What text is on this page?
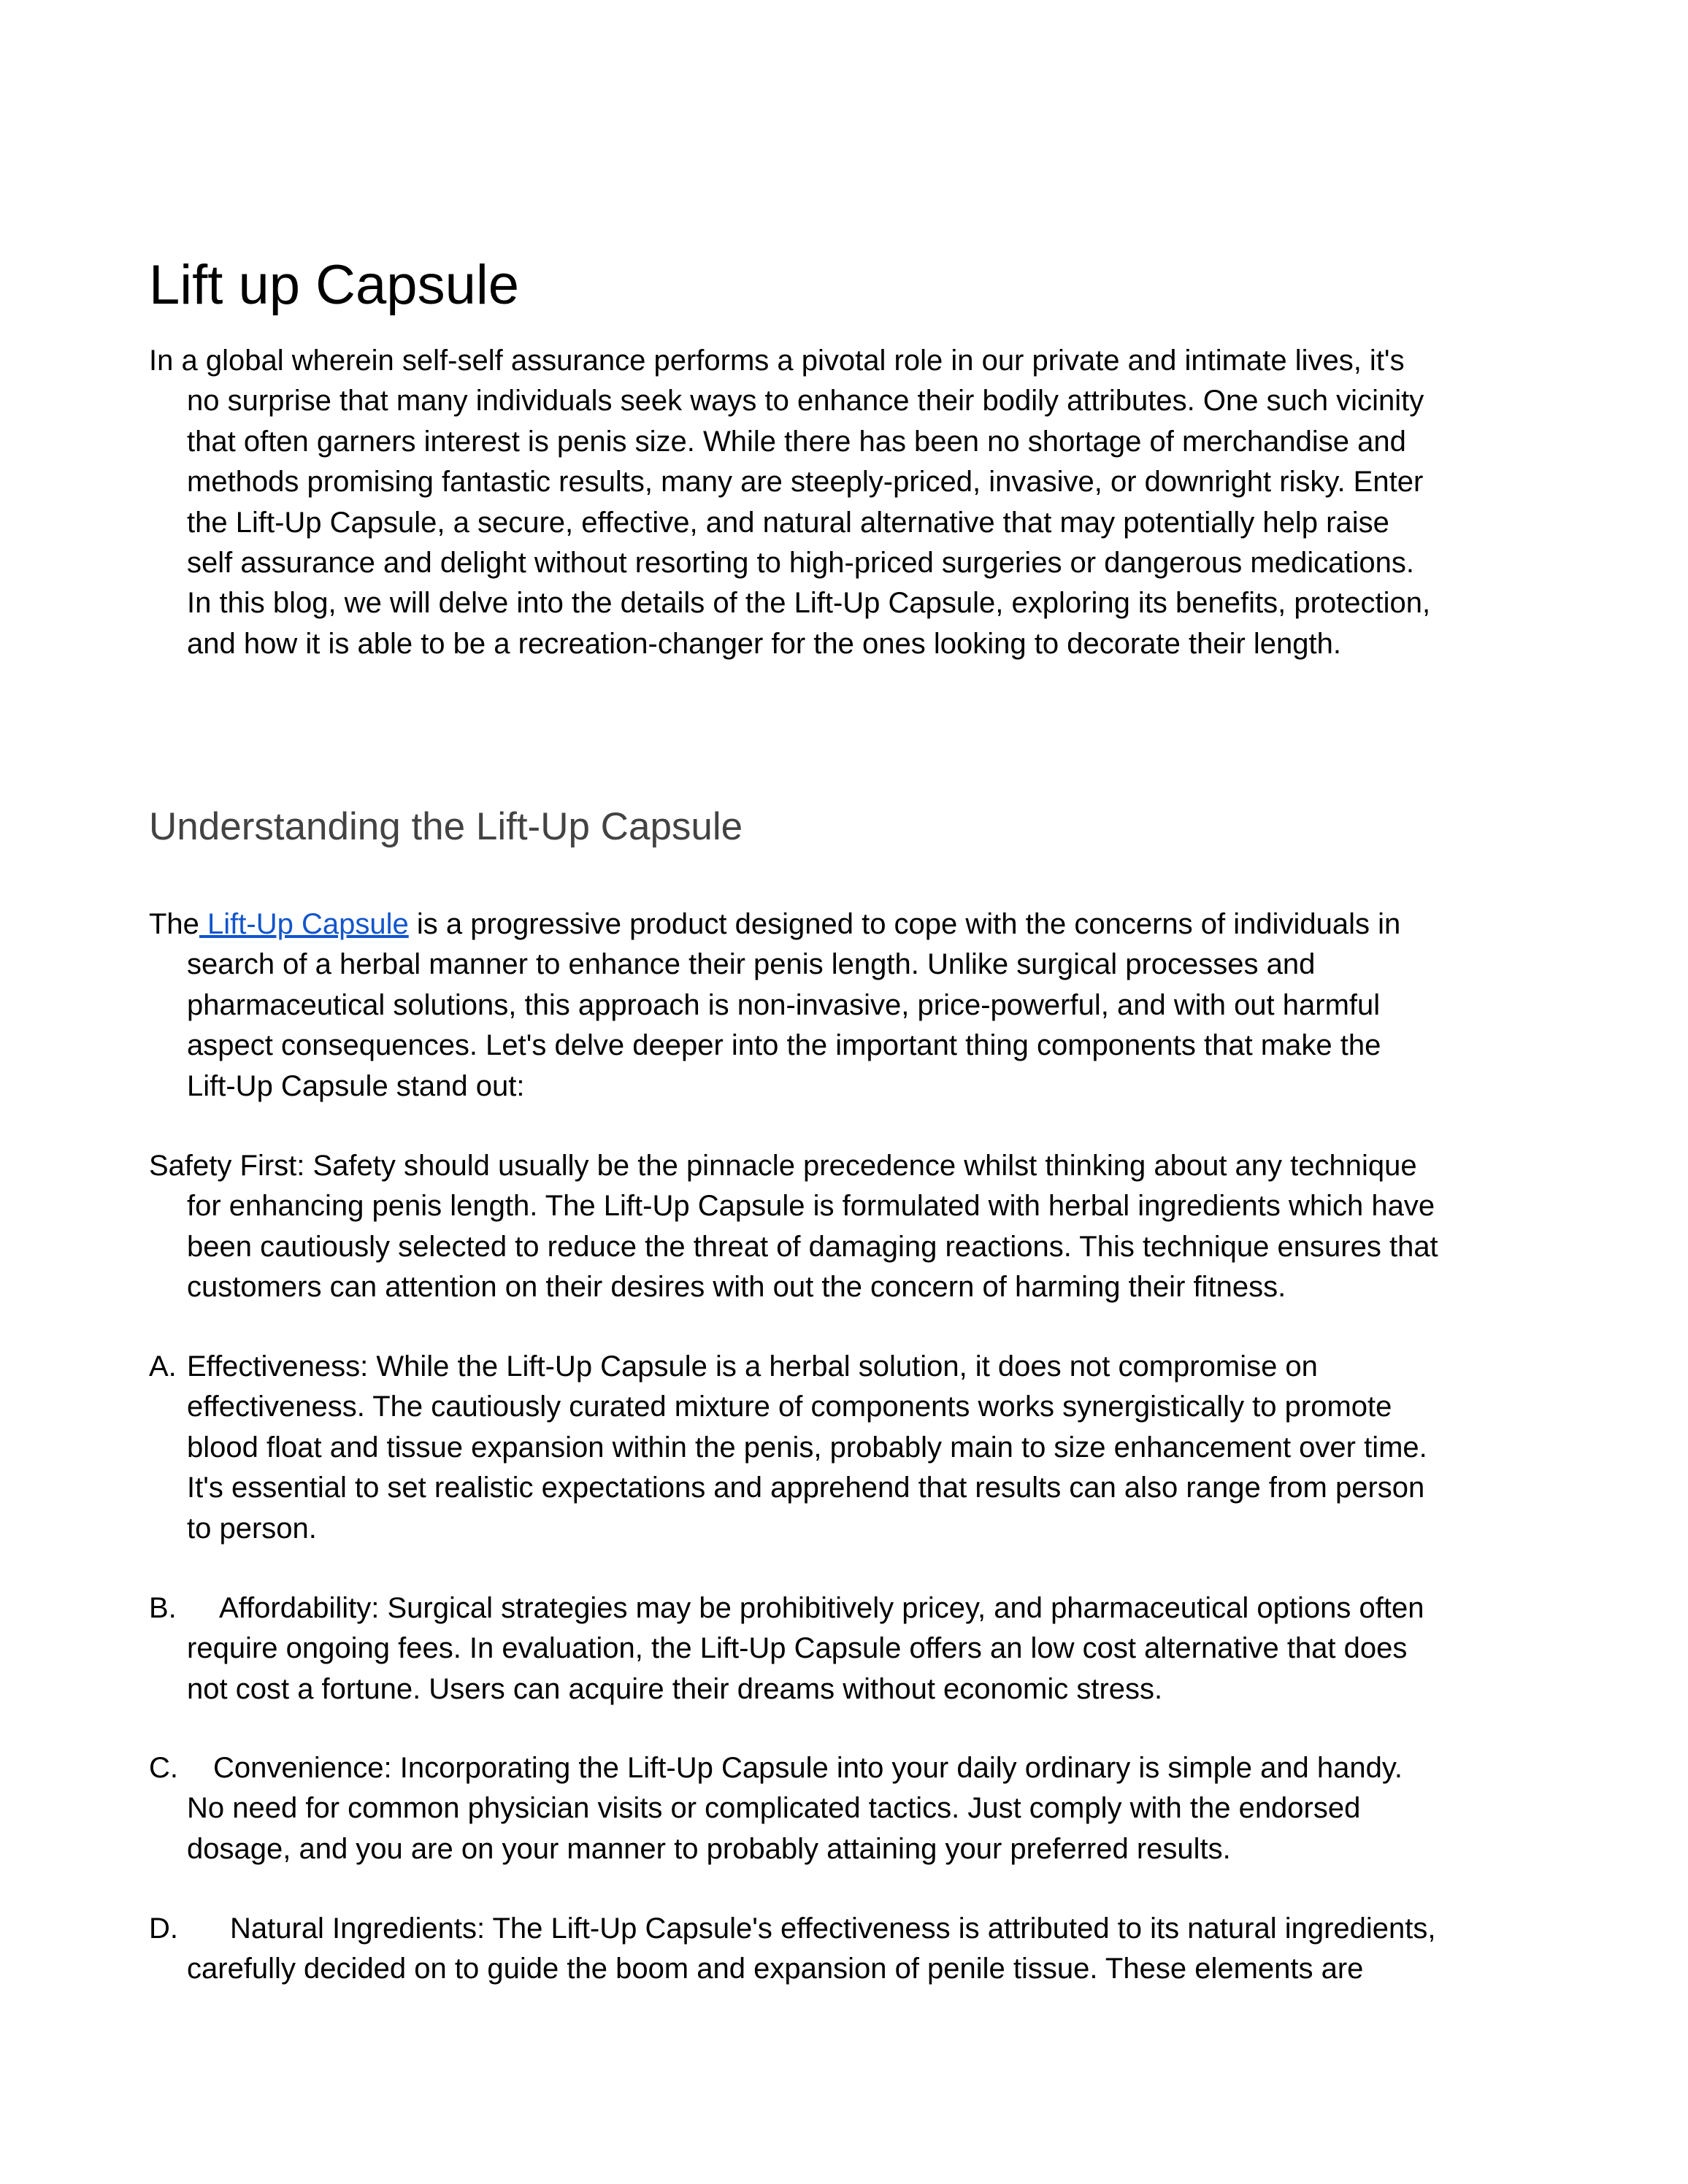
Lift up Capsule
In a global wherein self-self assurance performs a pivotal role in our private and intimate lives, it's
no surprise that many individuals seek ways to enhance their bodily attributes. One such vicinity
that often garners interest is penis size. While there has been no shortage of merchandise and
methods promising fantastic results, many are steeply-priced, invasive, or downright risky. Enter
the Lift-Up Capsule, a secure, effective, and natural alternative that may potentially help raise
self assurance and delight without resorting to high-priced surgeries or dangerous medications.
In this blog, we will delve into the details of the Lift-Up Capsule, exploring its benefits, protection,
and how it is able to be a recreation-changer for the ones looking to decorate their length.
Understanding the Lift-Up Capsule
The Lift-Up Capsule is a progressive product designed to cope with the concerns of individuals in
search of a herbal manner to enhance their penis length. Unlike surgical processes and
pharmaceutical solutions, this approach is non-invasive, price-powerful, and with out harmful
aspect consequences. Let's delve deeper into the important thing components that make the
Lift-Up Capsule stand out:
Safety First: Safety should usually be the pinnacle precedence whilst thinking about any technique
for enhancing penis length. The Lift-Up Capsule is formulated with herbal ingredients which have
been cautiously selected to reduce the threat of damaging reactions. This technique ensures that
customers can attention on their desires with out the concern of harming their fitness.
A. Effectiveness: While the Lift-Up Capsule is a herbal solution, it does not compromise on
effectiveness. The cautiously curated mixture of components works synergistically to promote
blood float and tissue expansion within the penis, probably main to size enhancement over time.
It's essential to set realistic expectations and apprehend that results can also range from person
to person.
B. Affordability: Surgical strategies may be prohibitively pricey, and pharmaceutical options often
require ongoing fees. In evaluation, the Lift-Up Capsule offers an low cost alternative that does
not cost a fortune. Users can acquire their dreams without economic stress.
C. Convenience: Incorporating the Lift-Up Capsule into your daily ordinary is simple and handy.
No need for common physician visits or complicated tactics. Just comply with the endorsed
dosage, and you are on your manner to probably attaining your preferred results.
D. Natural Ingredients: The Lift-Up Capsule's effectiveness is attributed to its natural ingredients,
carefully decided on to guide the boom and expansion of penile tissue. These elements are
